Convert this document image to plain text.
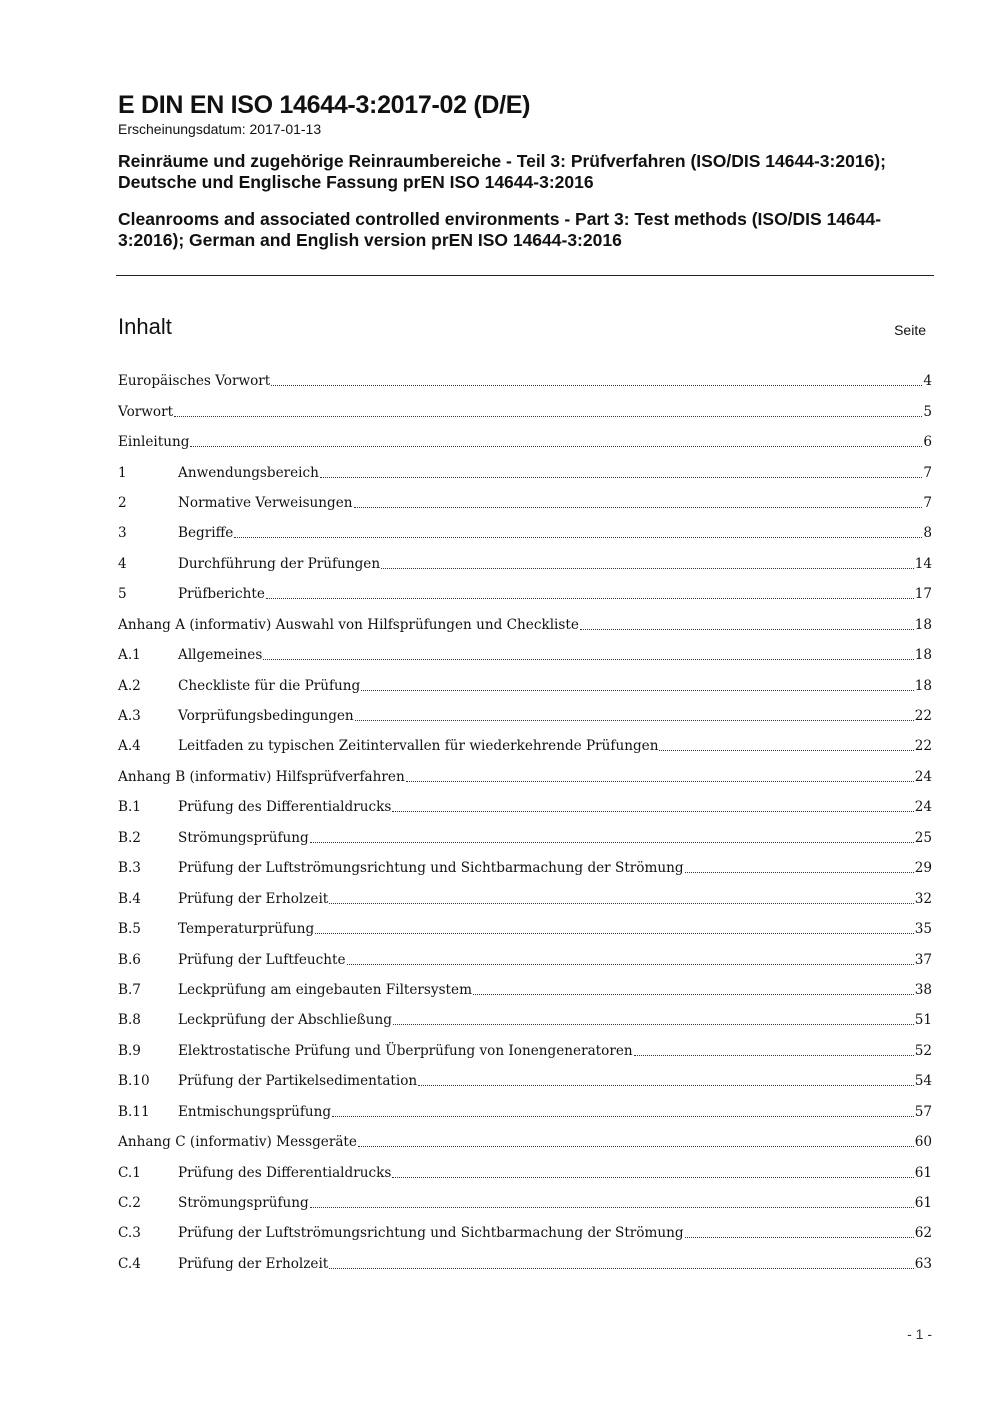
E DIN EN ISO 14644-3:2017-02 (D/E)

Erscheinungsdatum: 2017-01-13

Reinräume und zugehörige Reinraumbereiche - Teil 3: Prüfverfahren (ISO/DIS 14644-3:2016); Deutsche und Englische Fassung prEN ISO 14644-3:2016

Cleanrooms and associated controlled environments - Part 3: Test methods (ISO/DIS 14644-3:2016); German and English version prEN ISO 14644-3:2016

Inhalt	Seite
Europäisches Vorwort	4
Vorwort	5
Einleitung	6
1	Anwendungsbereich	7
2	Normative Verweisungen	7
3	Begriffe	8
4	Durchführung der Prüfungen	14
5	Prüfberichte	17
Anhang A (informativ) Auswahl von Hilfsprüfungen und Checkliste	18
A.1	Allgemeines	18
A.2	Checkliste für die Prüfung	18
A.3	Vorprüfungsbedingungen	22
A.4	Leitfaden zu typischen Zeitintervallen für wiederkehrende Prüfungen	22
Anhang B (informativ) Hilfsprüfverfahren	24
B.1	Prüfung des Differentialdrucks	24
B.2	Strömungsprüfung	25
B.3	Prüfung der Luftströmungsrichtung und Sichtbarmachung der Strömung	29
B.4	Prüfung der Erholzeit	32
B.5	Temperaturprüfung	35
B.6	Prüfung der Luftfeuchte	37
B.7	Leckprüfung am eingebauten Filtersystem	38
B.8	Leckprüfung der Abschließung	51
B.9	Elektrostatische Prüfung und Überprüfung von Ionengeneratoren	52
B.10	Prüfung der Partikelsedimentation	54
B.11	Entmischungsprüfung	57
Anhang C (informativ) Messgeräte	60
C.1	Prüfung des Differentialdrucks	61
C.2	Strömungsprüfung	61
C.3	Prüfung der Luftströmungsrichtung und Sichtbarmachung der Strömung	62
C.4	Prüfung der Erholzeit	63
- 1 -
